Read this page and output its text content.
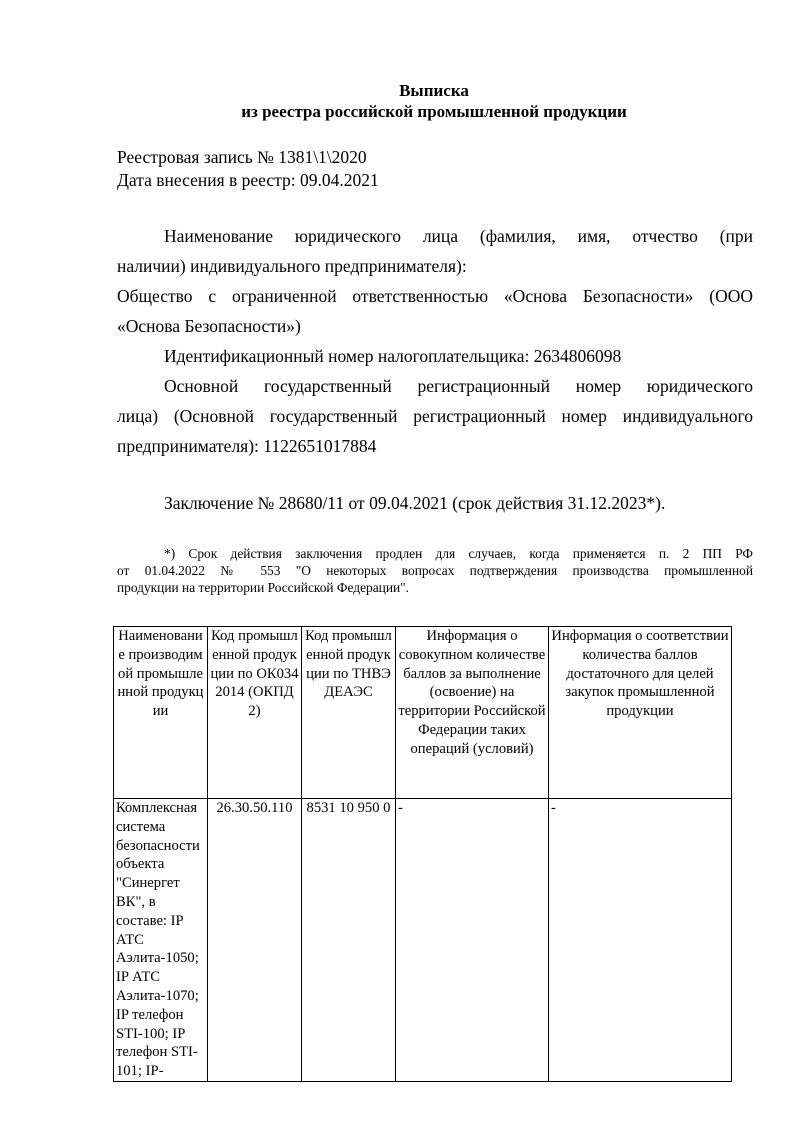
Выписка
из реестра российской промышленной продукции
Реестровая запись № 1381\1\2020
Дата внесения в реестр: 09.04.2021
Наименование юридического лица (фамилия, имя, отчество (при
наличии) индивидуального предпринимателя):
Общество с ограниченной ответственностью «Основа Безопасности» (ООО
«Основа Безопасности»)
Идентификационный номер налогоплательщика: 2634806098
Основной государственный регистрационный номер юридического
лица) (Основной государственный регистрационный номер индивидуального
предпринимателя): 1122651017884
Заключение № 28680/11 от 09.04.2021 (срок действия 31.12.2023*).
*) Срок действия заключения продлен для случаев, когда применяется п. 2 ПП РФ
от 01.04.2022 № 553 "О некоторых вопросах подтверждения производства промышленной
продукции на территории Российской Федерации".
Наименование производимой промышленной продукции	Код промышленной продукции по ОК0342014 (ОКПД2)	Код промышленной продукции по ТНВЭДЕАЭС	Информация о совокупном количестве баллов за выполнение (освоение) на территории Российской Федерации таких операций (условий)	Информация о соответствии количества баллов достаточного для целей закупок промышленной продукции
Комплексная система безопасности объекта "Синергет ВК", в составе: IP АТС Аэлита-1050; IP АТС Аэлита-1070; IP телефон STI-100; IP телефон STI-101; IP-	26.30.50.110	8531 10 950 0	-	-
